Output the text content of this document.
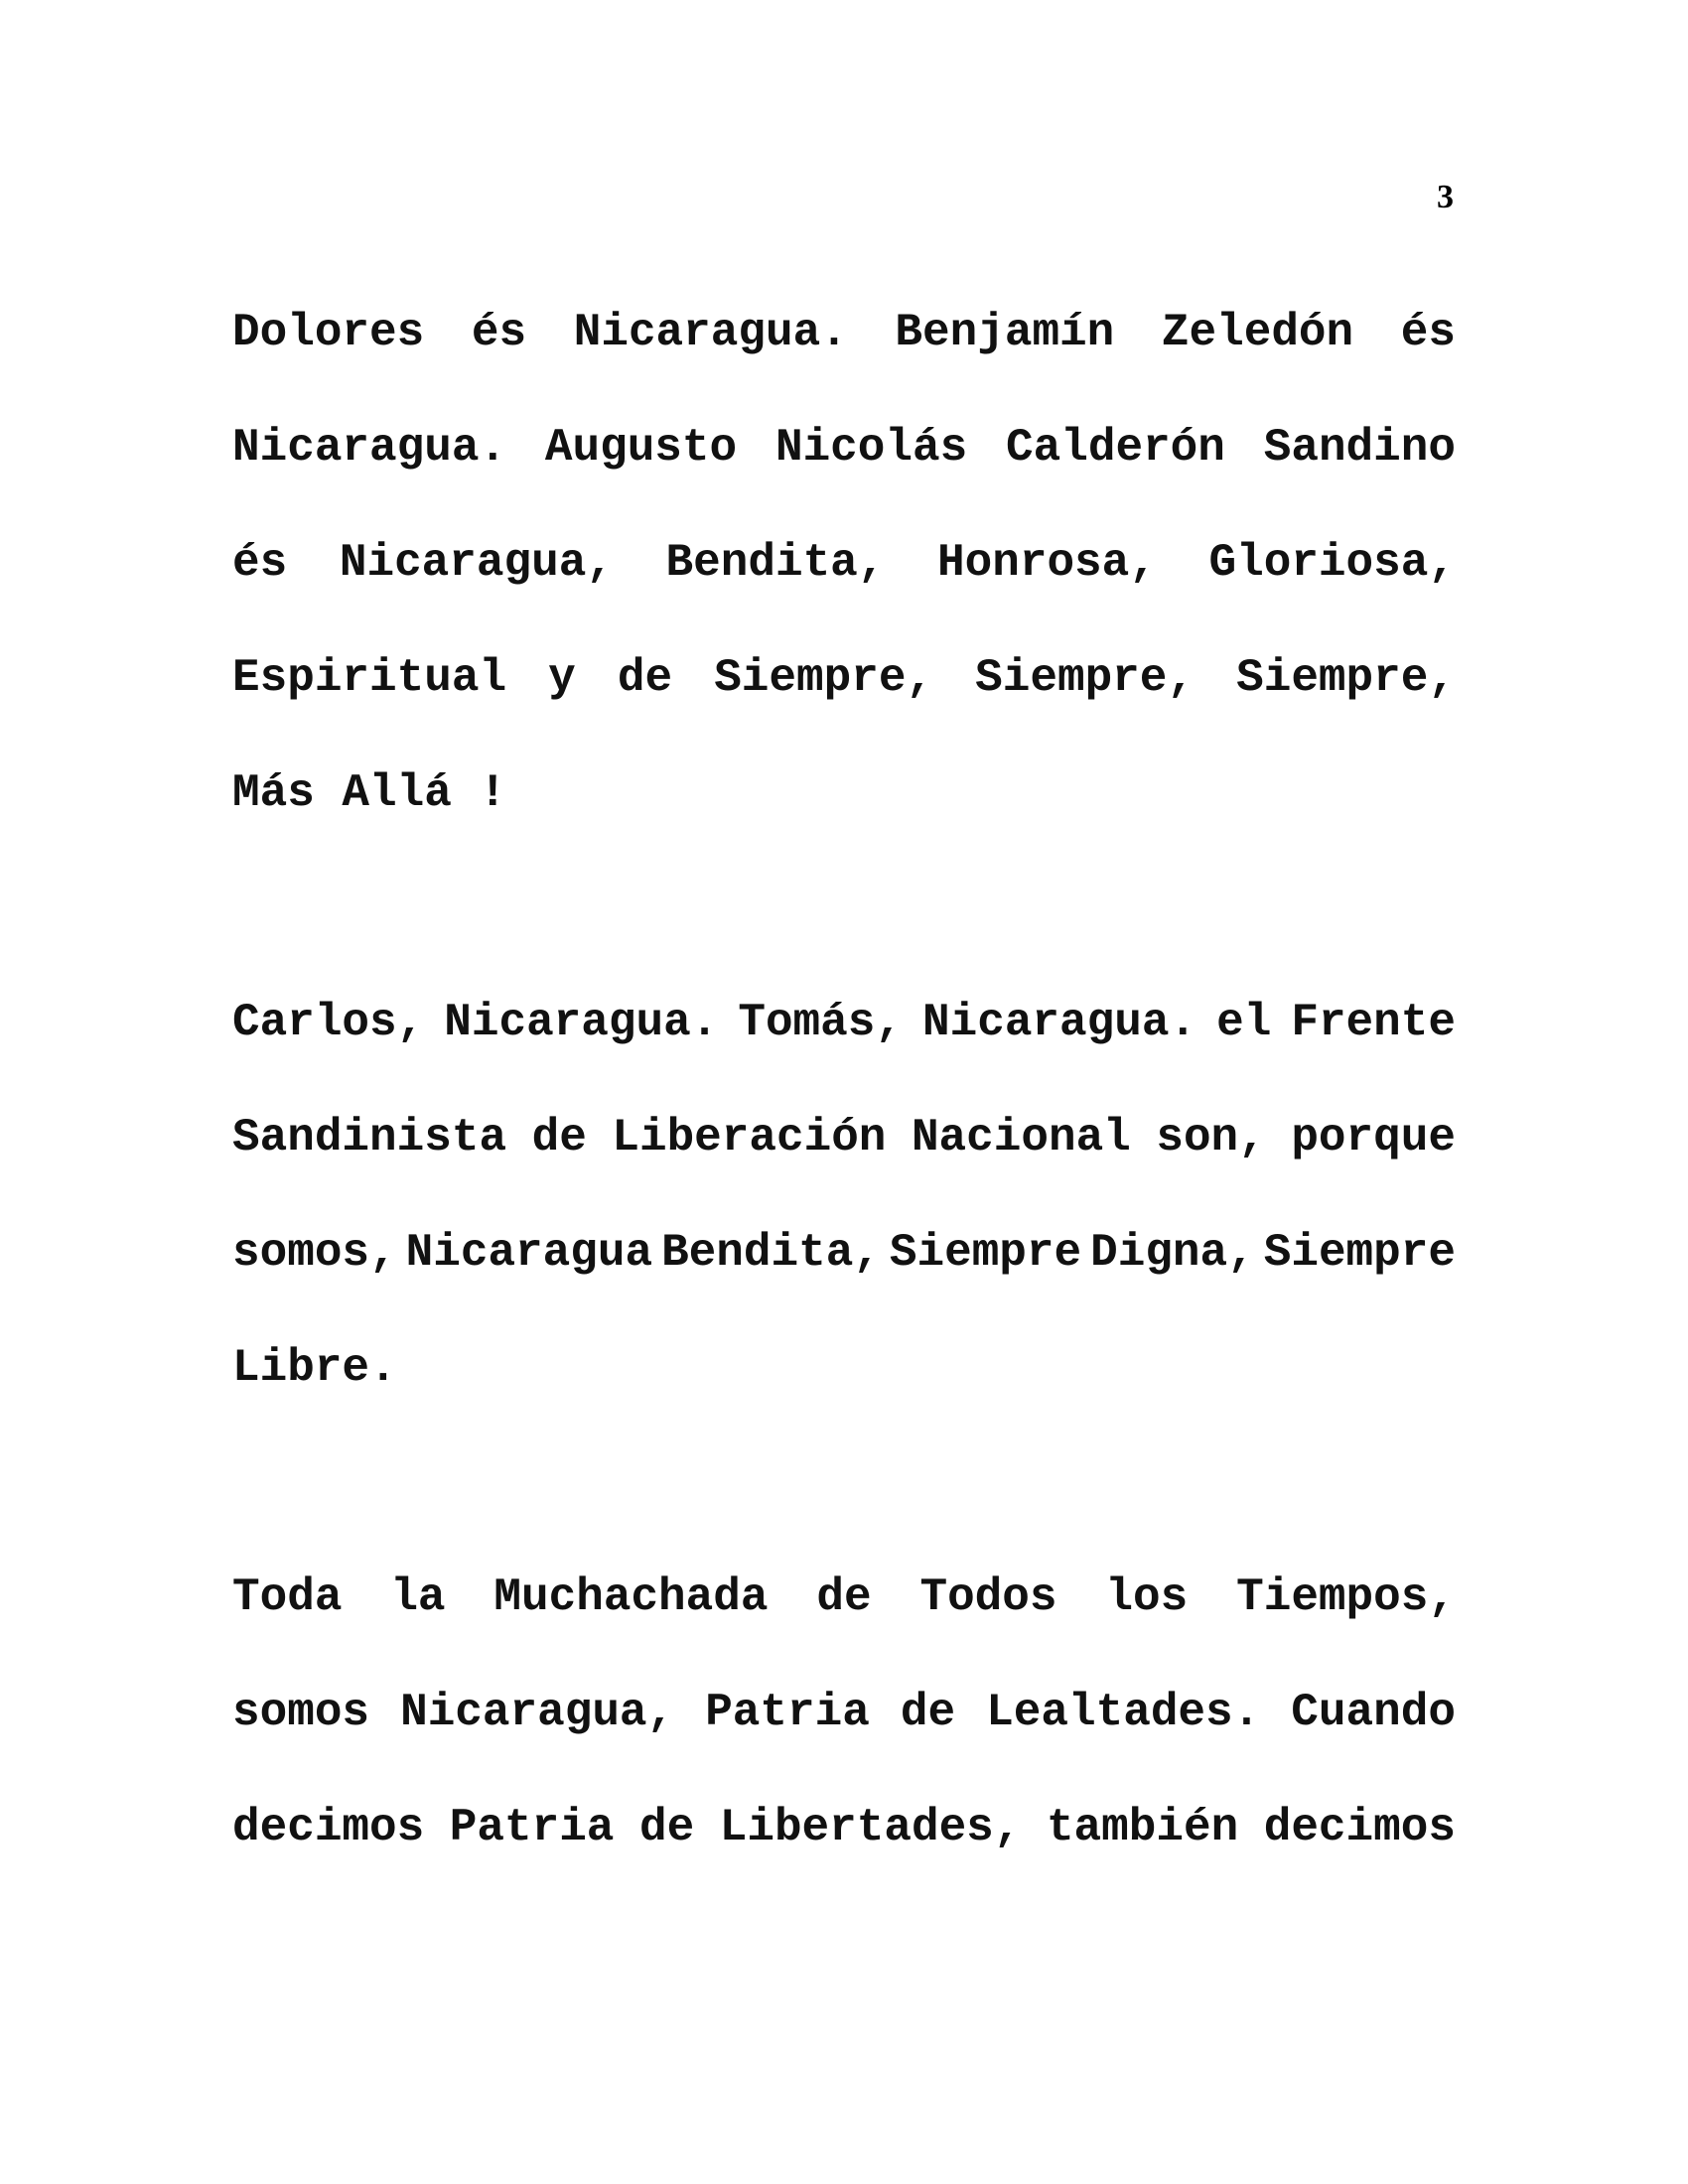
3
Dolores és Nicaragua. Benjamín Zeledón és
Nicaragua. Augusto Nicolás Calderón Sandino
és Nicaragua, Bendita, Honrosa, Gloriosa,
Espiritual y de Siempre, Siempre, Siempre,
Más Allá !
Carlos, Nicaragua. Tomás, Nicaragua. el Frente
Sandinista de Liberación Nacional son, porque
somos, Nicaragua Bendita, Siempre Digna, Siempre
Libre.
Toda la Muchachada de Todos los Tiempos,
somos Nicaragua, Patria de Lealtades. Cuando
decimos Patria de Libertades, también decimos
